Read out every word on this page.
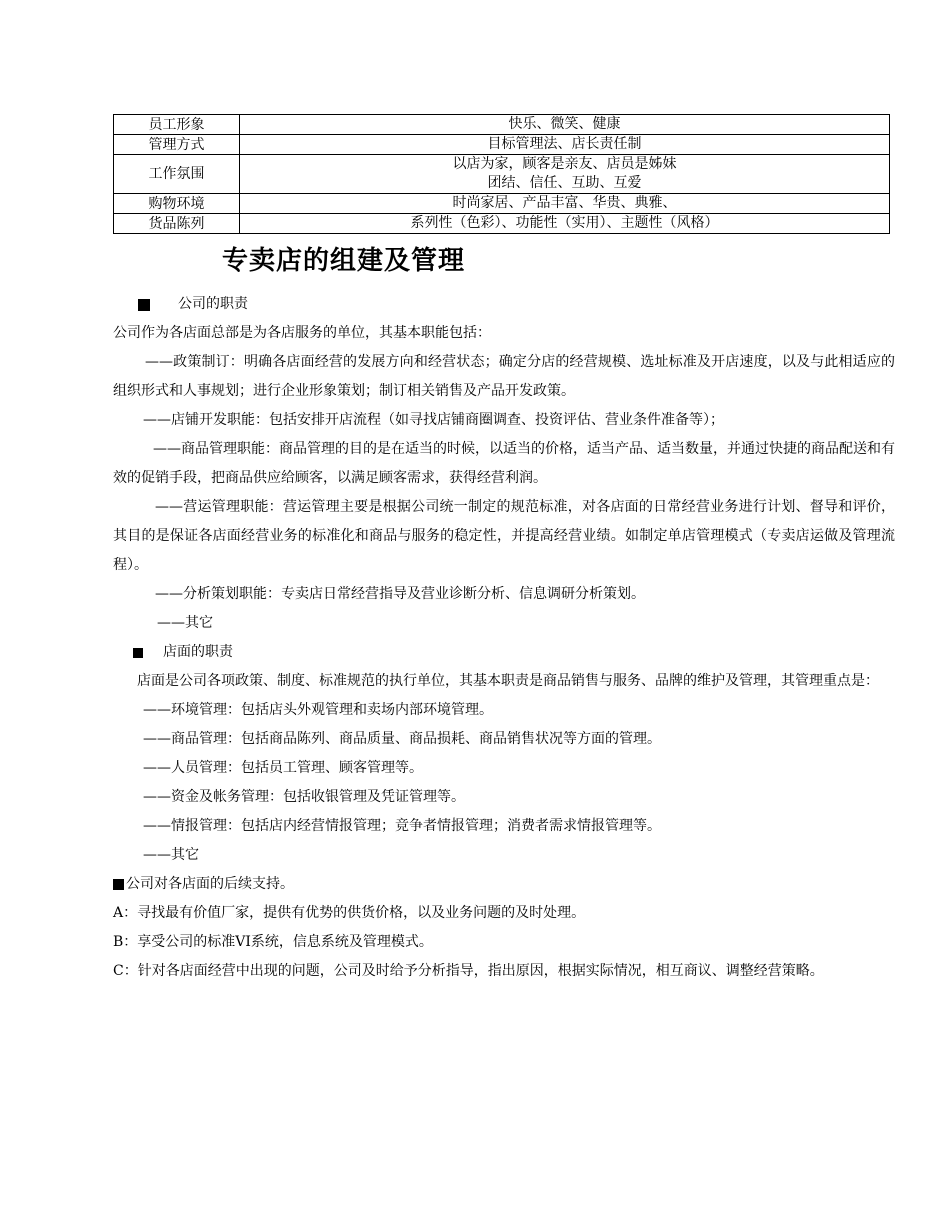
员工形象	快乐、微笑、健康

管理方式	目标管理法、店长责任制

工作氛围	以店为家，顾客是亲友、店员是姊妹
团结、信任、互助、互爱

购物环境	时尚家居、产品丰富、华贵、典雅、

货品陈列	系列性（色彩）、功能性（实用）、主题性（风格）
专卖店的组建及管理

公司的职责

公司作为各店面总部是为各店服务的单位，其基本职能包括：

——政策制订：明确各店面经营的发展方向和经营状态；确定分店的经营规模、选址标准及开店速度，以及与此相适应的组织形式和人事规划；进行企业形象策划；制订相关销售及产品开发政策。

——店铺开发职能：包括安排开店流程（如寻找店铺商圈调查、投资评估、营业条件准备等）；

——商品管理职能：商品管理的目的是在适当的时候，以适当的价格，适当产品、适当数量，并通过快捷的商品配送和有效的促销手段，把商品供应给顾客，以满足顾客需求，获得经营利润。

——营运管理职能：营运管理主要是根据公司统一制定的规范标准，对各店面的日常经营业务进行计划、督导和评价，其目的是保证各店面经营业务的标准化和商品与服务的稳定性，并提高经营业绩。如制定单店管理模式（专卖店运做及管理流程）。

——分析策划职能：专卖店日常经营指导及营业诊断分析、信息调研分析策划。

——其它

店面的职责

店面是公司各项政策、制度、标准规范的执行单位，其基本职责是商品销售与服务、品牌的维护及管理，其管理重点是：

——环境管理：包括店头外观管理和卖场内部环境管理。

——商品管理：包括商品陈列、商品质量、商品损耗、商品销售状况等方面的管理。

——人员管理：包括员工管理、顾客管理等。

——资金及帐务管理：包括收银管理及凭证管理等。

——情报管理：包括店内经营情报管理；竞争者情报管理；消费者需求情报管理等。

——其它

公司对各店面的后续支持。

A：寻找最有价值厂家，提供有优势的供货价格，以及业务问题的及时处理。

B：享受公司的标准VI系统，信息系统及管理模式。

C：针对各店面经营中出现的问题，公司及时给予分析指导，指出原因，根据实际情况，相互商议、调整经营策略。
